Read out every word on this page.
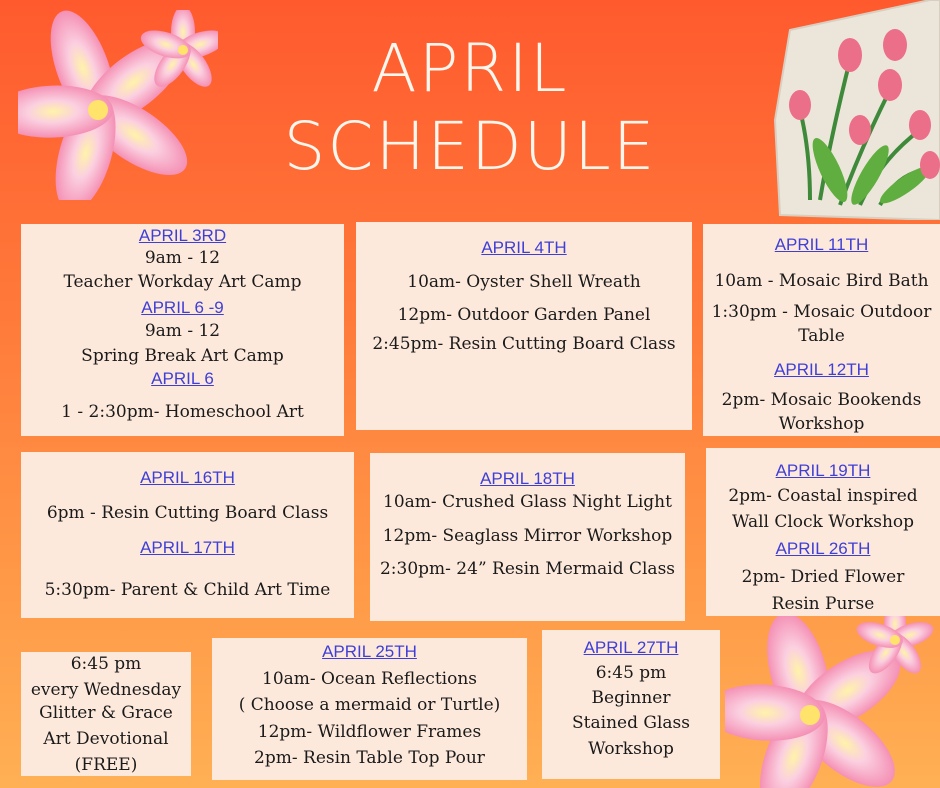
APRIL
SCHEDULE
APRIL 3RD
9am - 12
Teacher Workday Art Camp
APRIL 6 -9
9am - 12
Spring Break Art Camp
APRIL 6
1 - 2:30pm- Homeschool Art
APRIL 4TH
10am- Oyster Shell Wreath
12pm- Outdoor Garden Panel
2:45pm- Resin Cutting Board Class
APRIL 11TH
10am - Mosaic Bird Bath
1:30pm - Mosaic Outdoor
Table
APRIL 12TH
2pm- Mosaic Bookends
Workshop
APRIL 16TH
6pm - Resin Cutting Board Class
APRIL 17TH
5:30pm- Parent & Child Art Time
APRIL 18TH
10am- Crushed Glass Night Light
12pm- Seaglass Mirror Workshop
2:30pm- 24” Resin Mermaid Class
APRIL 19TH
2pm- Coastal inspired
Wall Clock Workshop
APRIL 26TH
2pm- Dried Flower
Resin Purse
6:45 pm
every Wednesday
Glitter & Grace
Art Devotional
(FREE)
APRIL 25TH
10am- Ocean Reflections
( Choose a mermaid or Turtle)
12pm- Wildflower Frames
2pm- Resin Table Top Pour
APRIL 27TH
6:45 pm
Beginner
Stained Glass
Workshop
